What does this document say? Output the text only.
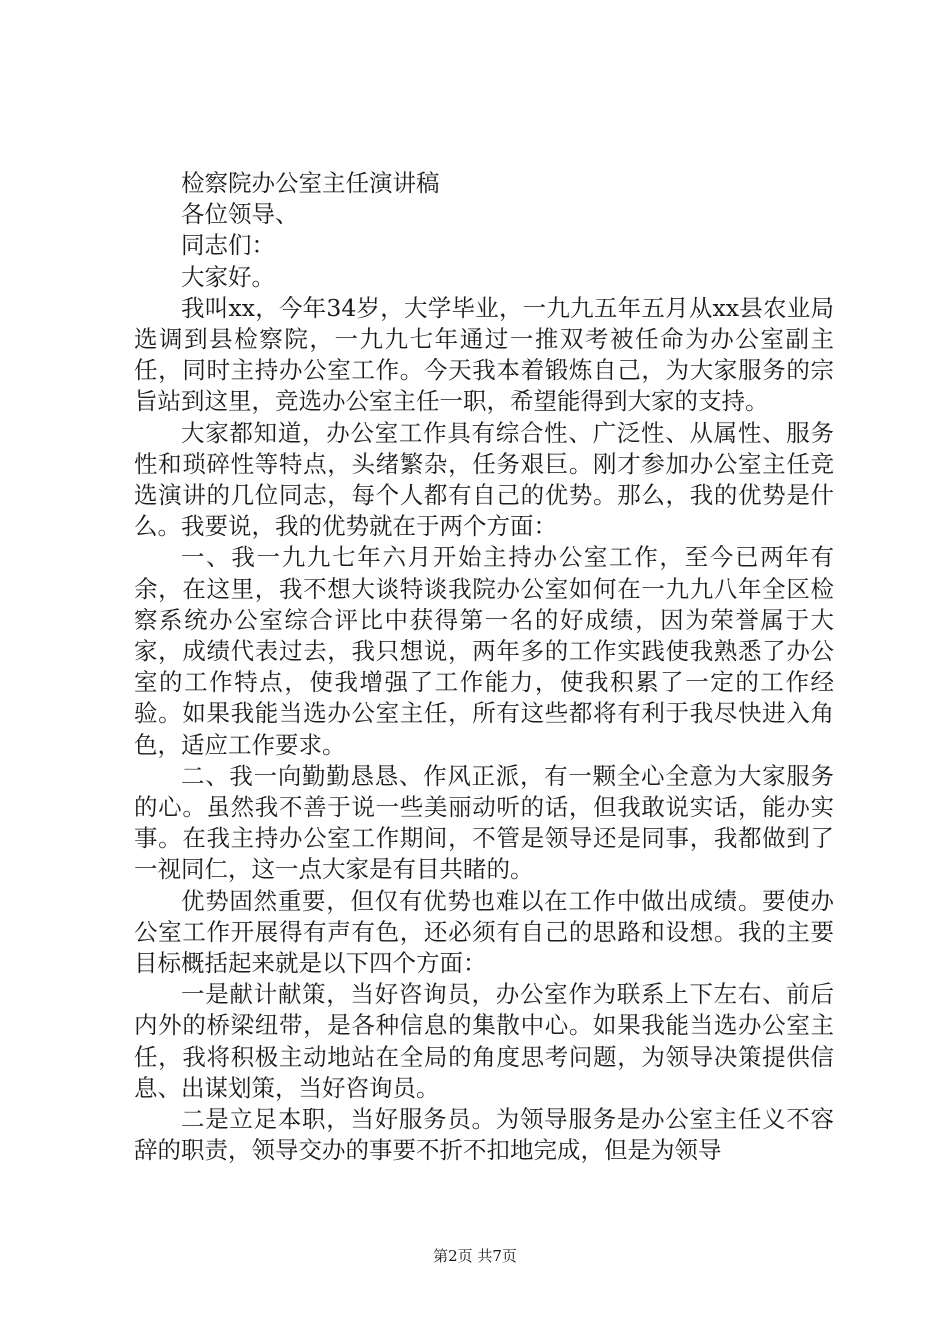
检察院办公室主任演讲稿

各位领导、

同志们：

大家好。

我叫xx，今年34岁，大学毕业，一九九五年五月从xx县农业局选调到县检察院，一九九七年通过一推双考被任命为办公室副主任，同时主持办公室工作。今天我本着锻炼自己，为大家服务的宗旨站到这里，竞选办公室主任一职，希望能得到大家的支持。

大家都知道，办公室工作具有综合性、广泛性、从属性、服务性和琐碎性等特点，头绪繁杂，任务艰巨。刚才参加办公室主任竞选演讲的几位同志，每个人都有自己的优势。那么，我的优势是什么。我要说，我的优势就在于两个方面：

一、我一九九七年六月开始主持办公室工作，至今已两年有余，在这里，我不想大谈特谈我院办公室如何在一九九八年全区检察系统办公室综合评比中获得第一名的好成绩，因为荣誉属于大家，成绩代表过去，我只想说，两年多的工作实践使我熟悉了办公室的工作特点，使我增强了工作能力，使我积累了一定的工作经验。如果我能当选办公室主任，所有这些都将有利于我尽快进入角色，适应工作要求。

二、我一向勤勤恳恳、作风正派，有一颗全心全意为大家服务的心。虽然我不善于说一些美丽动听的话，但我敢说实话，能办实事。在我主持办公室工作期间，不管是领导还是同事，我都做到了一视同仁，这一点大家是有目共睹的。

优势固然重要，但仅有优势也难以在工作中做出成绩。要使办公室工作开展得有声有色，还必须有自己的思路和设想。我的主要目标概括起来就是以下四个方面：

一是献计献策，当好咨询员，办公室作为联系上下左右、前后内外的桥梁纽带，是各种信息的集散中心。如果我能当选办公室主任，我将积极主动地站在全局的角度思考问题，为领导决策提供信息、出谋划策，当好咨询员。

二是立足本职，当好服务员。为领导服务是办公室主任义不容辞的职责，领导交办的事要不折不扣地完成，但是为领导

第2页 共7页
